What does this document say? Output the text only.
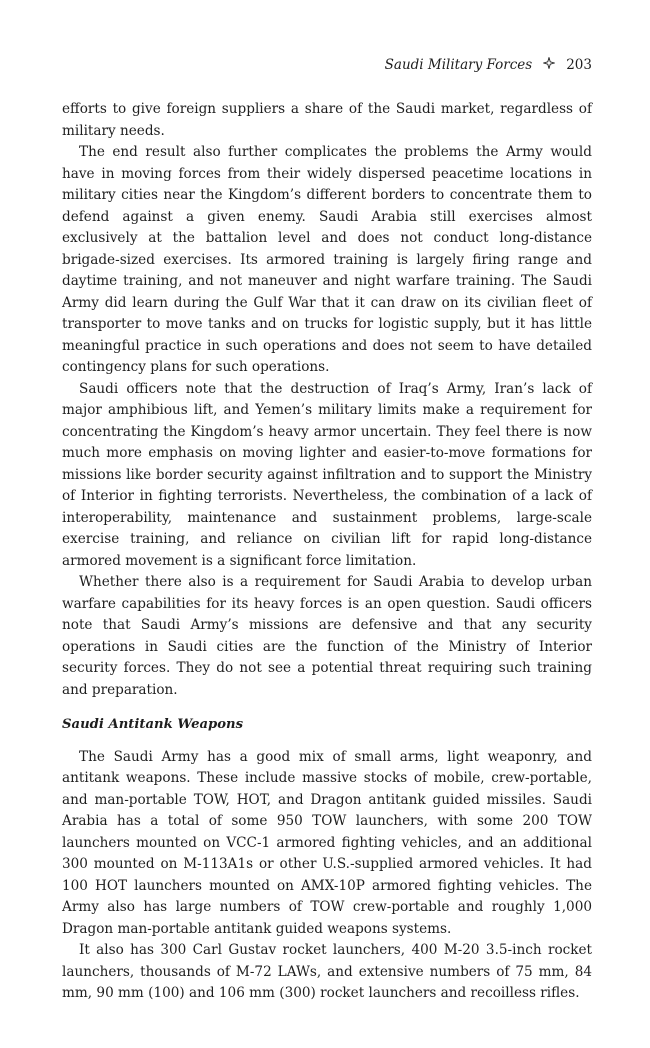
Saudi Military Forces	203

efforts to give foreign suppliers a share of the Saudi market, regardless of military needs.

The end result also further complicates the problems the Army would have in moving forces from their widely dispersed peacetime locations in military cities near the Kingdom’s different borders to concentrate them to defend against a given enemy. Saudi Arabia still exercises almost exclusively at the battalion level and does not conduct long-distance brigade-sized exercises. Its armored training is largely firing range and daytime training, and not maneuver and night warfare training. The Saudi Army did learn during the Gulf War that it can draw on its civilian fleet of transporter to move tanks and on trucks for logistic supply, but it has little meaningful practice in such operations and does not seem to have detailed contingency plans for such operations.

Saudi officers note that the destruction of Iraq’s Army, Iran’s lack of major amphibious lift, and Yemen’s military limits make a requirement for concentrating the Kingdom’s heavy armor uncertain. They feel there is now much more emphasis on moving lighter and easier-to-move formations for missions like border security against infiltration and to support the Ministry of Interior in fighting terrorists. Nevertheless, the combination of a lack of interoperability, maintenance and sustainment problems, large-scale exercise training, and reliance on civilian lift for rapid long-distance armored movement is a significant force limitation.

Whether there also is a requirement for Saudi Arabia to develop urban warfare capabilities for its heavy forces is an open question. Saudi officers note that Saudi Army’s missions are defensive and that any security operations in Saudi cities are the function of the Ministry of Interior security forces. They do not see a potential threat requiring such training and preparation.

Saudi Antitank Weapons

The Saudi Army has a good mix of small arms, light weaponry, and antitank weapons. These include massive stocks of mobile, crew-portable, and man-portable TOW, HOT, and Dragon antitank guided missiles. Saudi Arabia has a total of some 950 TOW launchers, with some 200 TOW launchers mounted on VCC-1 armored fighting vehicles, and an additional 300 mounted on M-113A1s or other U.S.-supplied armored vehicles. It had 100 HOT launchers mounted on AMX-10P armored fighting vehicles. The Army also has large numbers of TOW crew-portable and roughly 1,000 Dragon man-portable antitank guided weapons systems.

It also has 300 Carl Gustav rocket launchers, 400 M-20 3.5-inch rocket launchers, thousands of M-72 LAWs, and extensive numbers of 75 mm, 84 mm, 90 mm (100) and 106 mm (300) rocket launchers and recoilless rifles.
